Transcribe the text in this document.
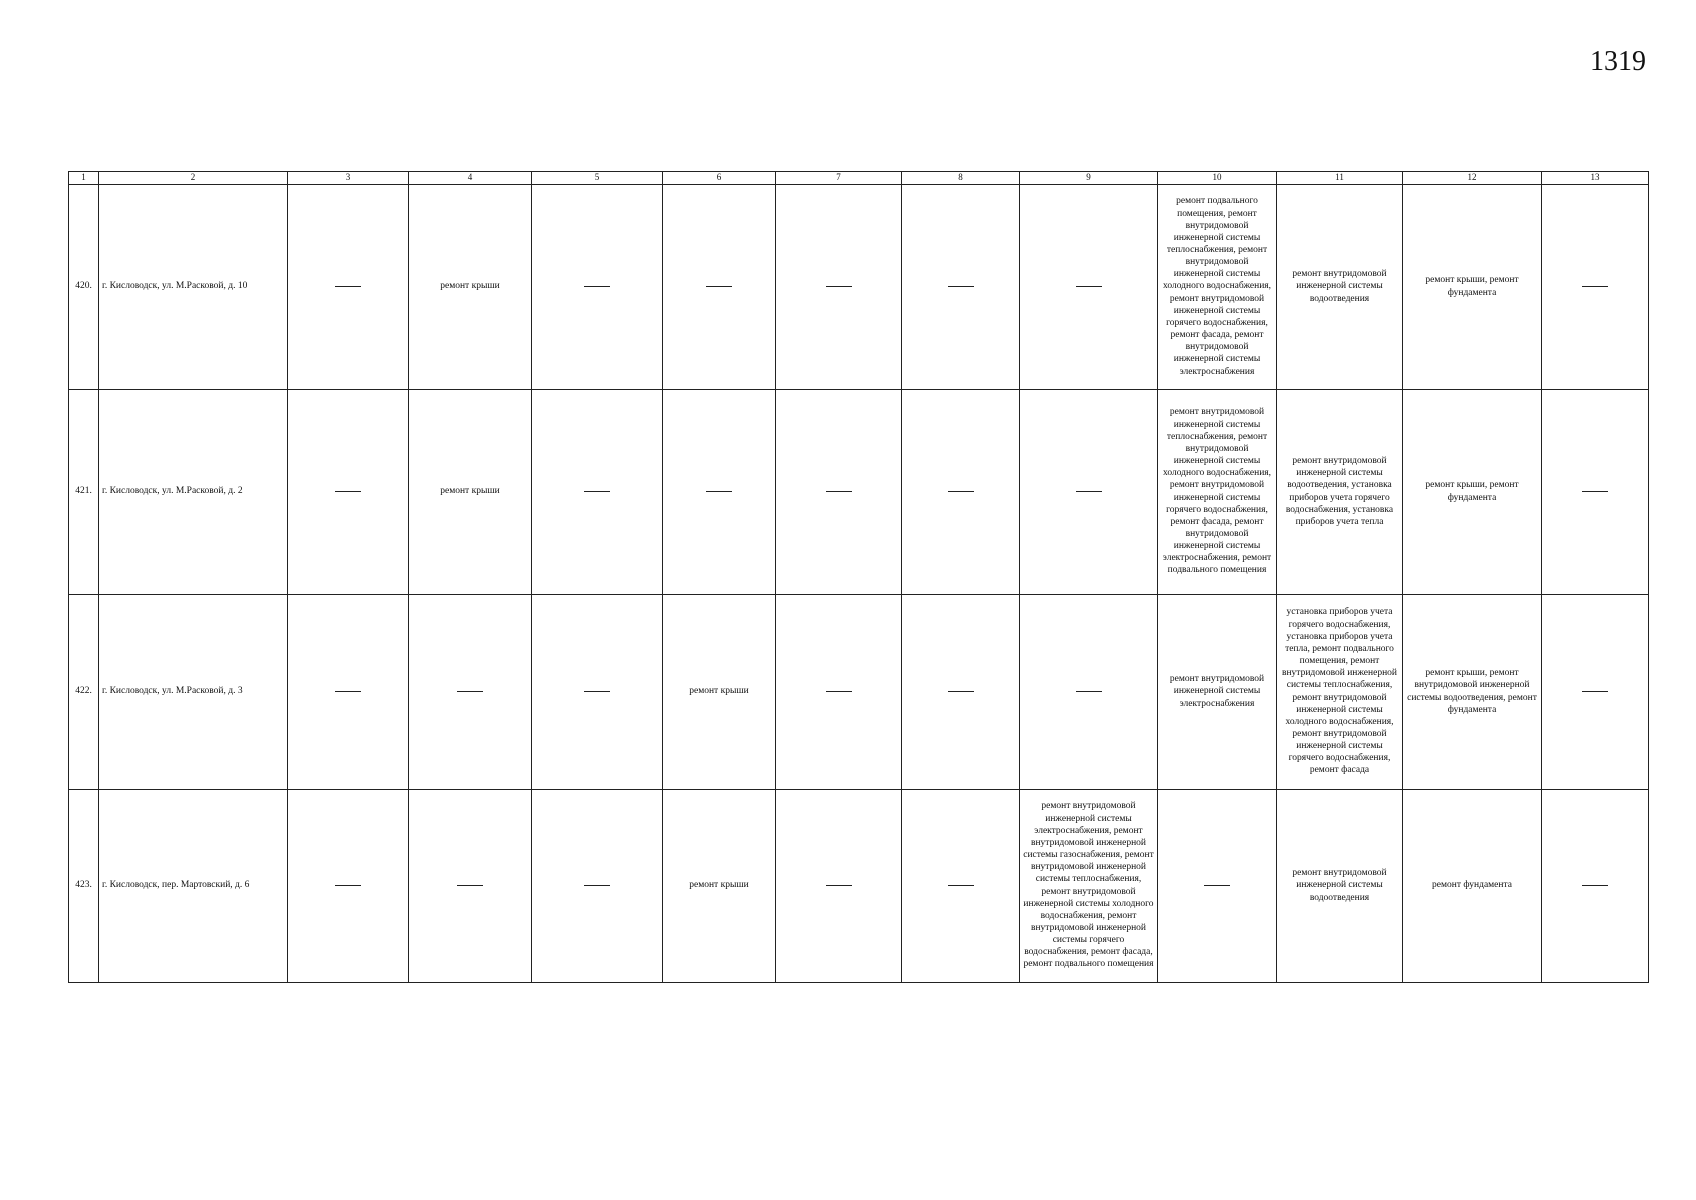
1319
1	2	3	4	5	6	7	8	9	10	11	12	13
420.	г. Кисловодск, ул. М.Расковой, д. 10		ремонт крыши						ремонт подвального помещения, ремонт внутридомовой инженерной системы теплоснабжения, ремонт внутридомовой инженерной системы холодного водоснабжения, ремонт внутридомовой инженерной системы горячего водоснабжения, ремонт фасада, ремонт внутридомовой инженерной системы электроснабжения	ремонт внутридомовой инженерной системы водоотведения	ремонт крыши, ремонт фундамента	
421.	г. Кисловодск, ул. М.Расковой, д. 2		ремонт крыши						ремонт внутридомовой инженерной системы теплоснабжения, ремонт внутридомовой инженерной системы холодного водоснабжения, ремонт внутридомовой инженерной системы горячего водоснабжения, ремонт фасада, ремонт внутридомовой инженерной системы электроснабжения, ремонт подвального помещения	ремонт внутридомовой инженерной системы водоотведения, установка приборов учета горячего водоснабжения, установка приборов учета тепла	ремонт крыши, ремонт фундамента	
422.	г. Кисловодск, ул. М.Расковой, д. 3				ремонт крыши				ремонт внутридомовой инженерной системы электроснабжения	установка приборов учета горячего водоснабжения, установка приборов учета тепла, ремонт подвального помещения, ремонт внутридомовой инженерной системы теплоснабжения, ремонт внутридомовой инженерной системы холодного водоснабжения, ремонт внутридомовой инженерной системы горячего водоснабжения, ремонт фасада	ремонт крыши, ремонт внутридомовой инженерной системы водоотведения, ремонт фундамента	
423.	г. Кисловодск, пер. Мартовский, д. 6				ремонт крыши			ремонт внутридомовой инженерной системы электроснабжения, ремонт внутридомовой инженерной системы газоснабжения, ремонт внутридомовой инженерной системы теплоснабжения, ремонт внутридомовой инженерной системы холодного водоснабжения, ремонт внутридомовой инженерной системы горячего водоснабжения, ремонт фасада, ремонт подвального помещения		ремонт внутридомовой инженерной системы водоотведения	ремонт фундамента	
